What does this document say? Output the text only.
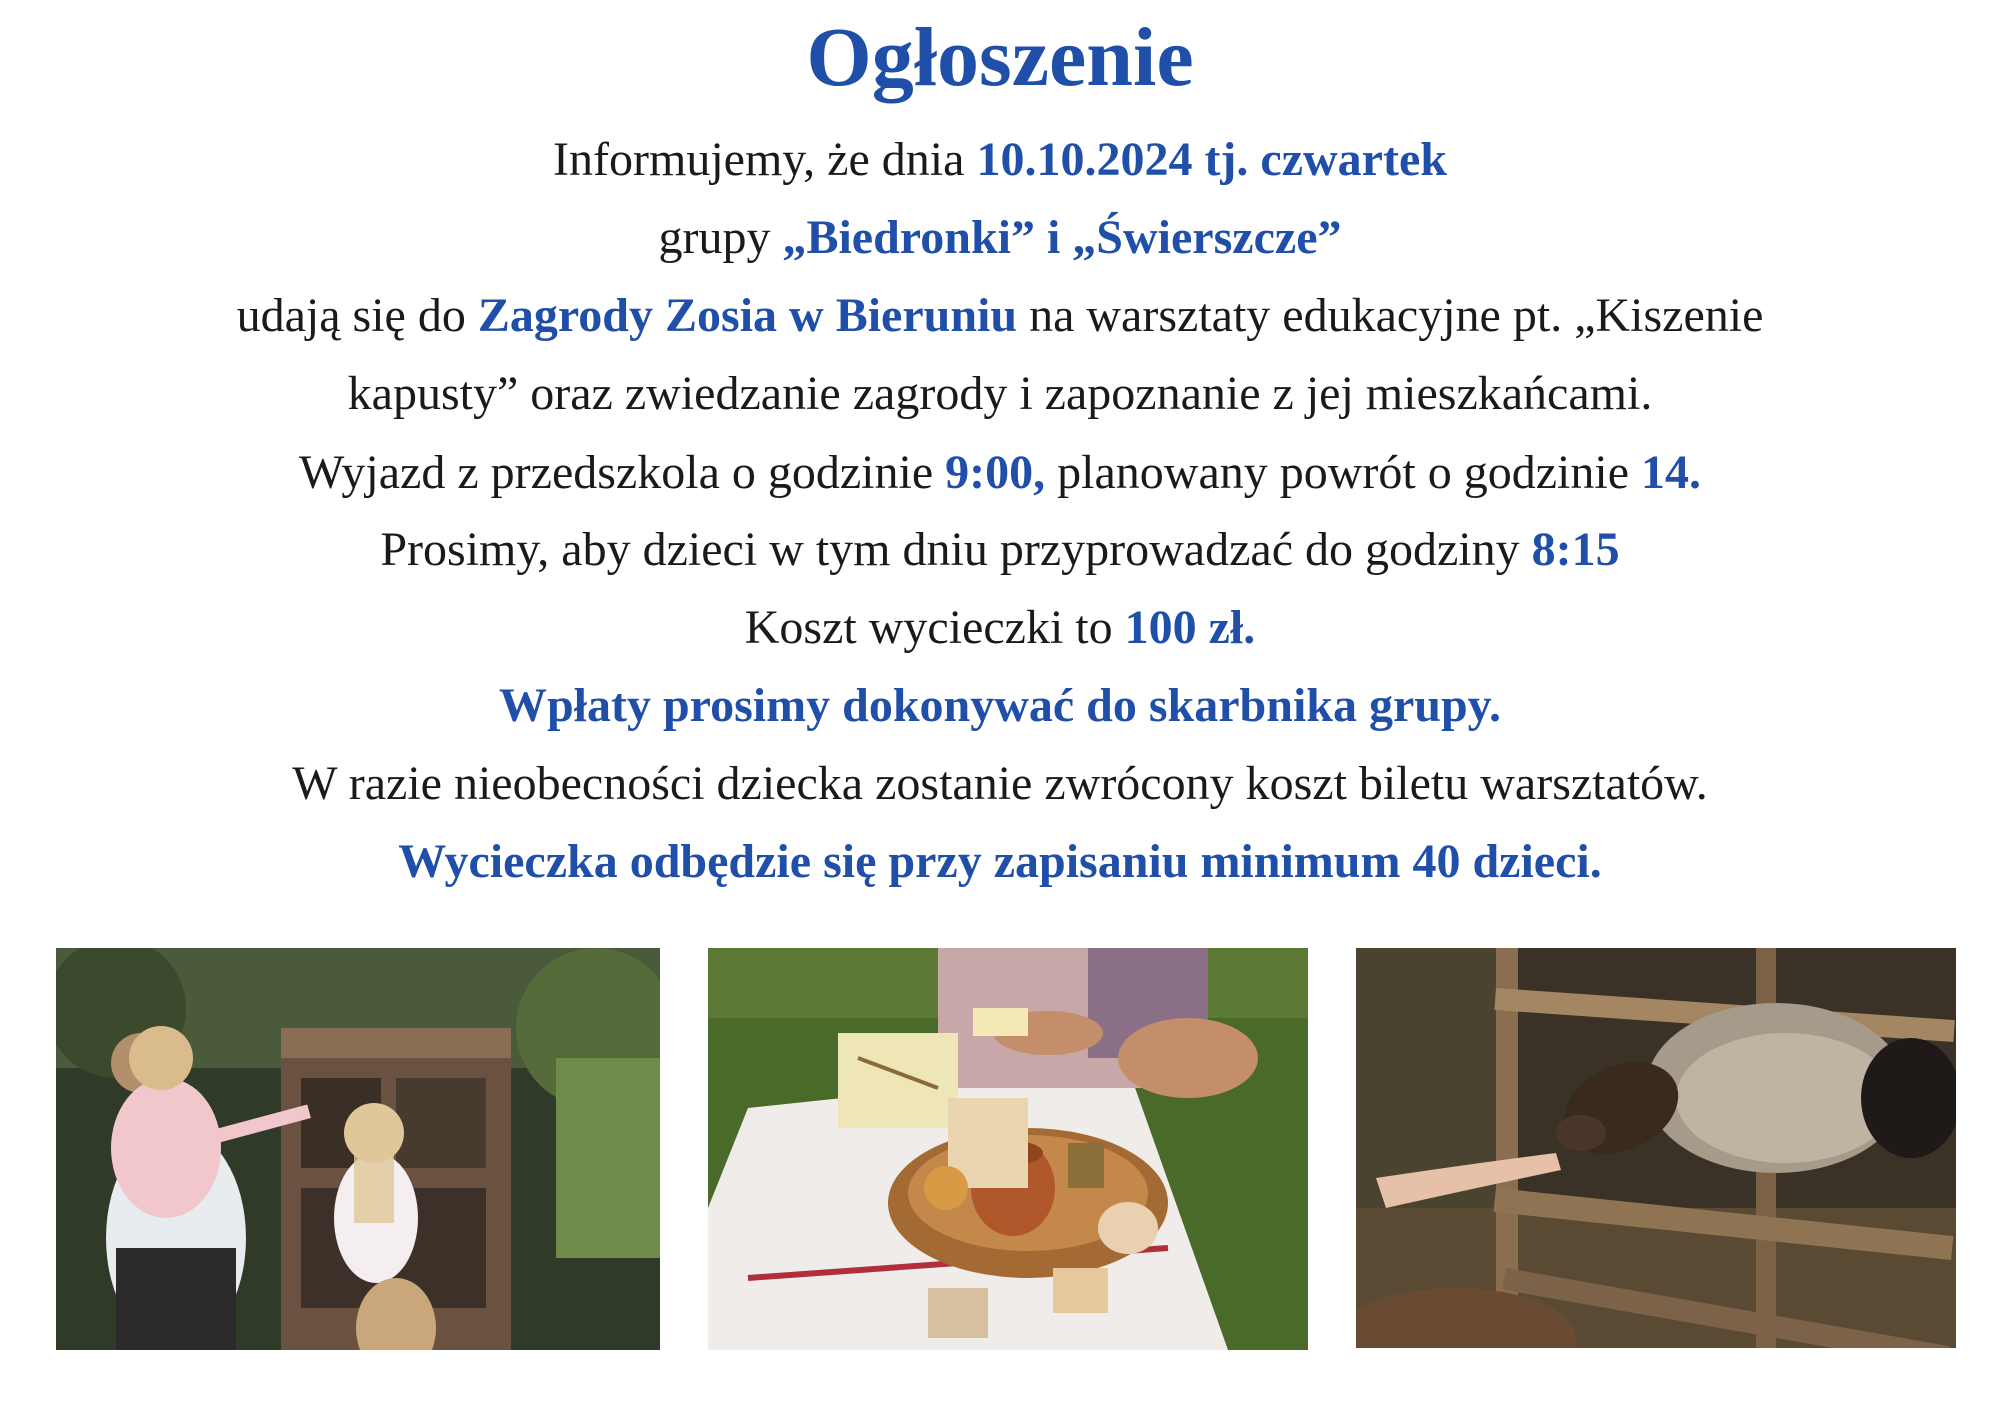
Ogłoszenie
Informujemy, że dnia 10.10.2024 tj. czwartek
grupy „Biedronki” i „Świerszcze”
udają się do Zagrody Zosia w Bieruniu na warsztaty edukacyjne pt. „Kiszenie
kapusty” oraz zwiedzanie zagrody i zapoznanie z jej mieszkańcami.
Wyjazd z przedszkola o godzinie 9:00, planowany powrót o godzinie 14.
Prosimy, aby dzieci w tym dniu przyprowadzać do godziny 8:15
Koszt wycieczki to 100 zł.
Wpłaty prosimy dokonywać do skarbnika grupy.
W razie nieobecności dziecka zostanie zwrócony koszt biletu warsztatów.
Wycieczka odbędzie się przy zapisaniu minimum 40 dzieci.
